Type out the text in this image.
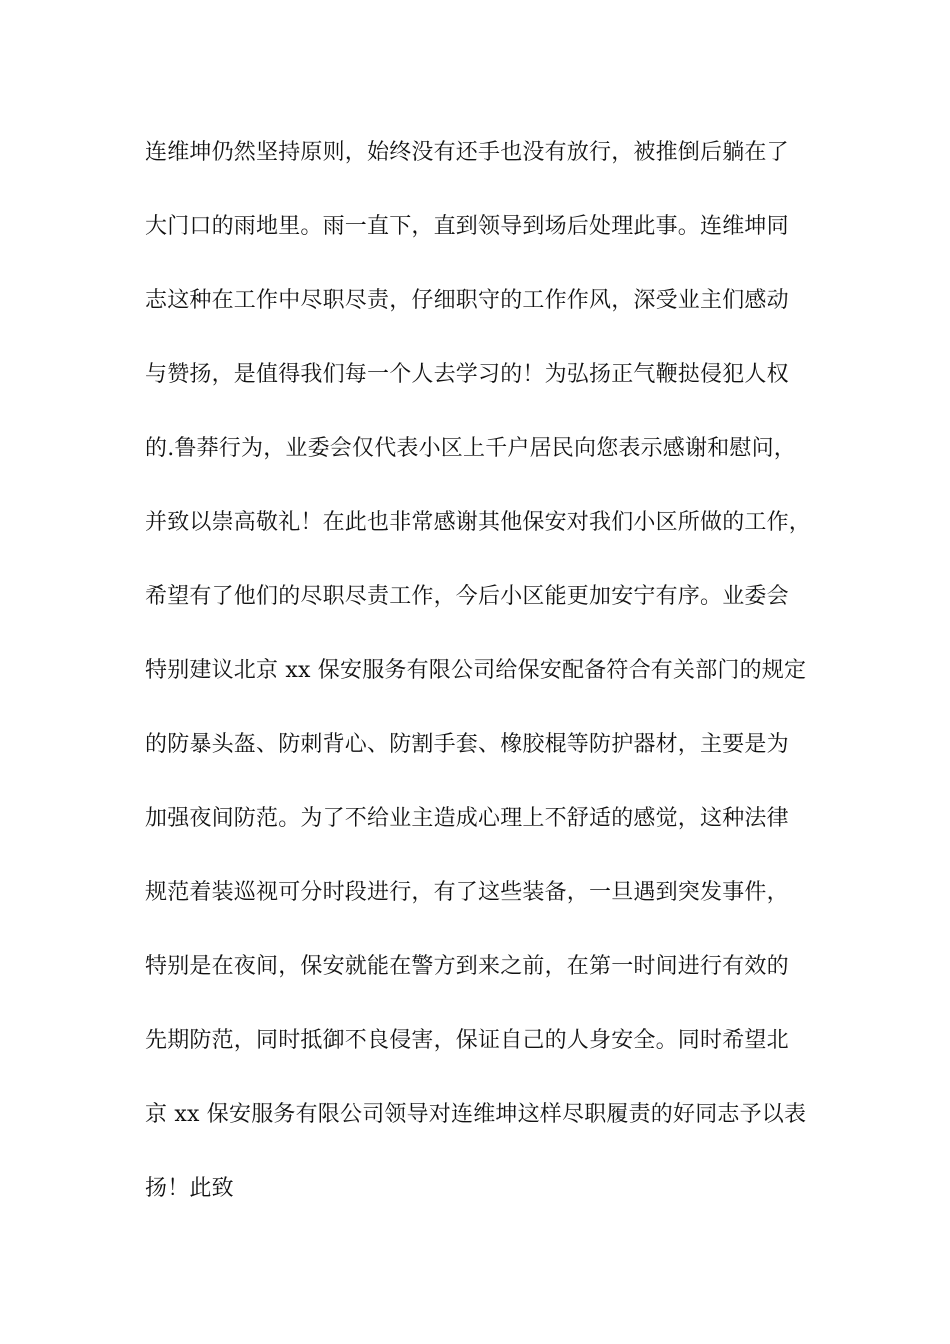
连维坤仍然坚持原则，始终没有还手也没有放行，被推倒后躺在了
大门口的雨地里。雨一直下，直到领导到场后处理此事。连维坤同
志这种在工作中尽职尽责，仔细职守的工作作风，深受业主们感动
与赞扬，是值得我们每一个人去学习的！为弘扬正气鞭挞侵犯人权
的.鲁莽行为，业委会仅代表小区上千户居民向您表示感谢和慰问，
并致以崇高敬礼！在此也非常感谢其他保安对我们小区所做的工作，
希望有了他们的尽职尽责工作，今后小区能更加安宁有序。业委会
特别建议北京 xx 保安服务有限公司给保安配备符合有关部门的规定
的防暴头盔、防刺背心、防割手套、橡胶棍等防护器材，主要是为
加强夜间防范。为了不给业主造成心理上不舒适的感觉，这种法律
规范着装巡视可分时段进行，有了这些装备，一旦遇到突发事件，
特别是在夜间，保安就能在警方到来之前，在第一时间进行有效的
先期防范，同时抵御不良侵害，保证自己的人身安全。同时希望北
京 xx 保安服务有限公司领导对连维坤这样尽职履责的好同志予以表
扬！此致
